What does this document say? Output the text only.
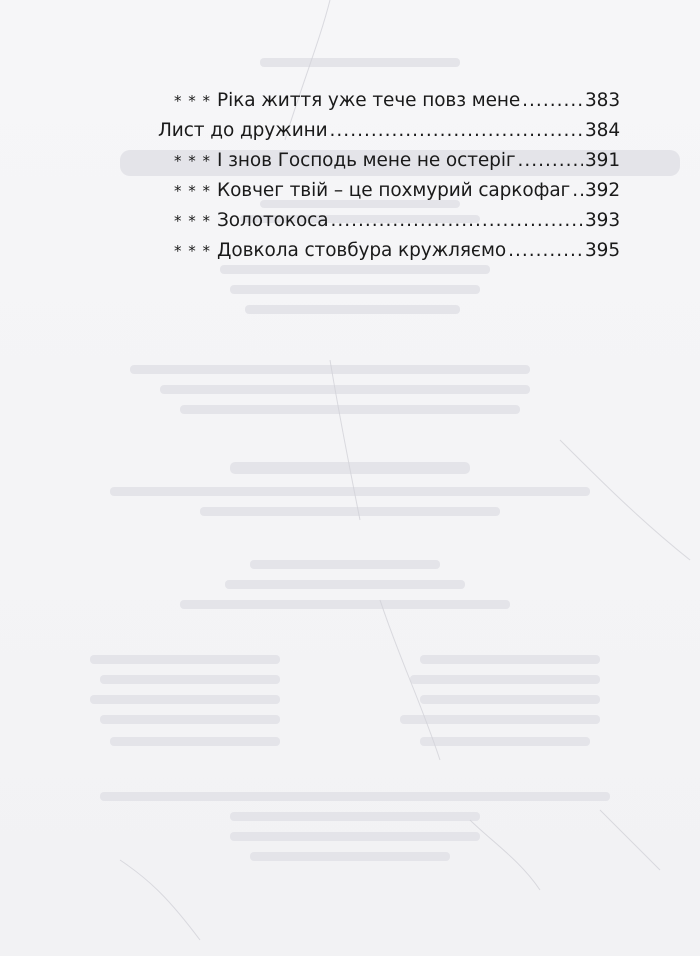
* * * Ріка життя уже тече повз мене .....	383
Лист до дружини .....	384
* * * І знов Господь мене не остеріг .....	391
* * * Ковчег твій – це похмурий саркофаг ..... 392
* * * Золотокоса .....	393
* * * Довкола стовбура кружляємо .....	395
